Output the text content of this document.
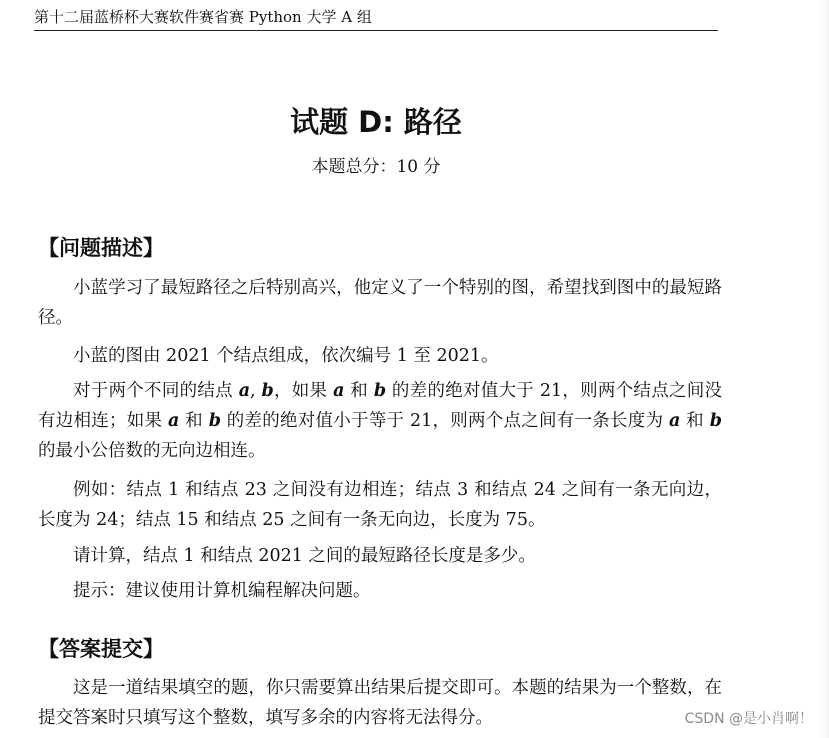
第十二届蓝桥杯大赛软件赛省赛 Python 大学 A 组
试题 D: 路径
本题总分：10 分
【问题描述】

小蓝学习了最短路径之后特别高兴，他定义了一个特别的图，希望找到图中的最短路径。

小蓝的图由 2021 个结点组成，依次编号 1 至 2021。

对于两个不同的结点 a, b，如果 a 和 b 的差的绝对值大于 21，则两个结点之间没有边相连；如果 a 和 b 的差的绝对值小于等于 21，则两个点之间有一条长度为 a 和 b 的最小公倍数的无向边相连。

例如：结点 1 和结点 23 之间没有边相连；结点 3 和结点 24 之间有一条无向边，长度为 24；结点 15 和结点 25 之间有一条无向边，长度为 75。

请计算，结点 1 和结点 2021 之间的最短路径长度是多少。

提示：建议使用计算机编程解决问题。

【答案提交】

这是一道结果填空的题，你只需要算出结果后提交即可。本题的结果为一个整数，在提交答案时只填写这个整数，填写多余的内容将无法得分。	CSDN @是小肖啊！
